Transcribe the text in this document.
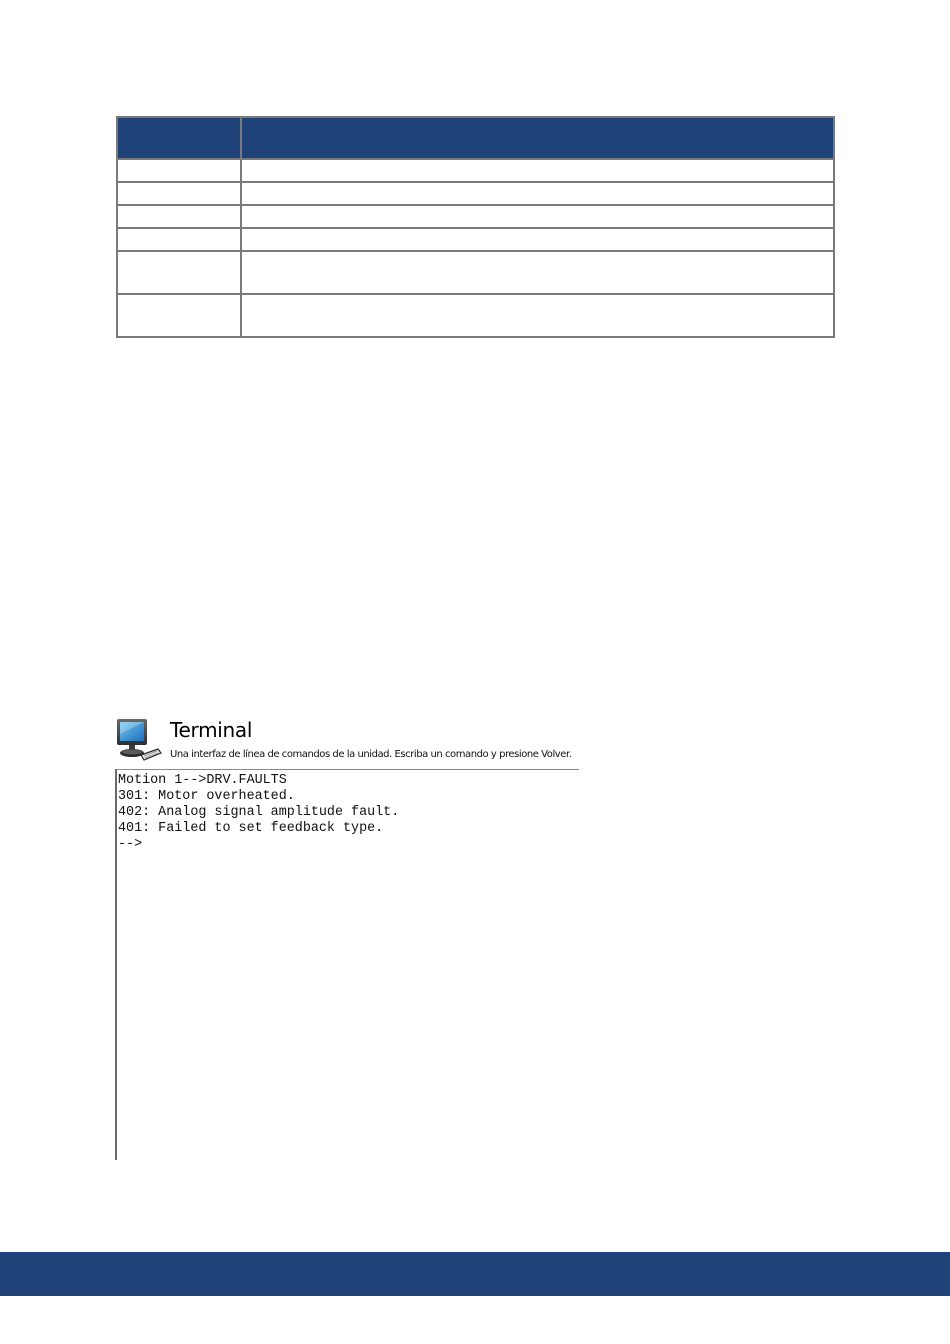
Terminal
Una interfaz de línea de comandos de la unidad. Escriba un comando y presione Volver.
Motion 1-->DRV.FAULTS
301: Motor overheated.
402: Analog signal amplitude fault.
401: Failed to set feedback type.
-->
